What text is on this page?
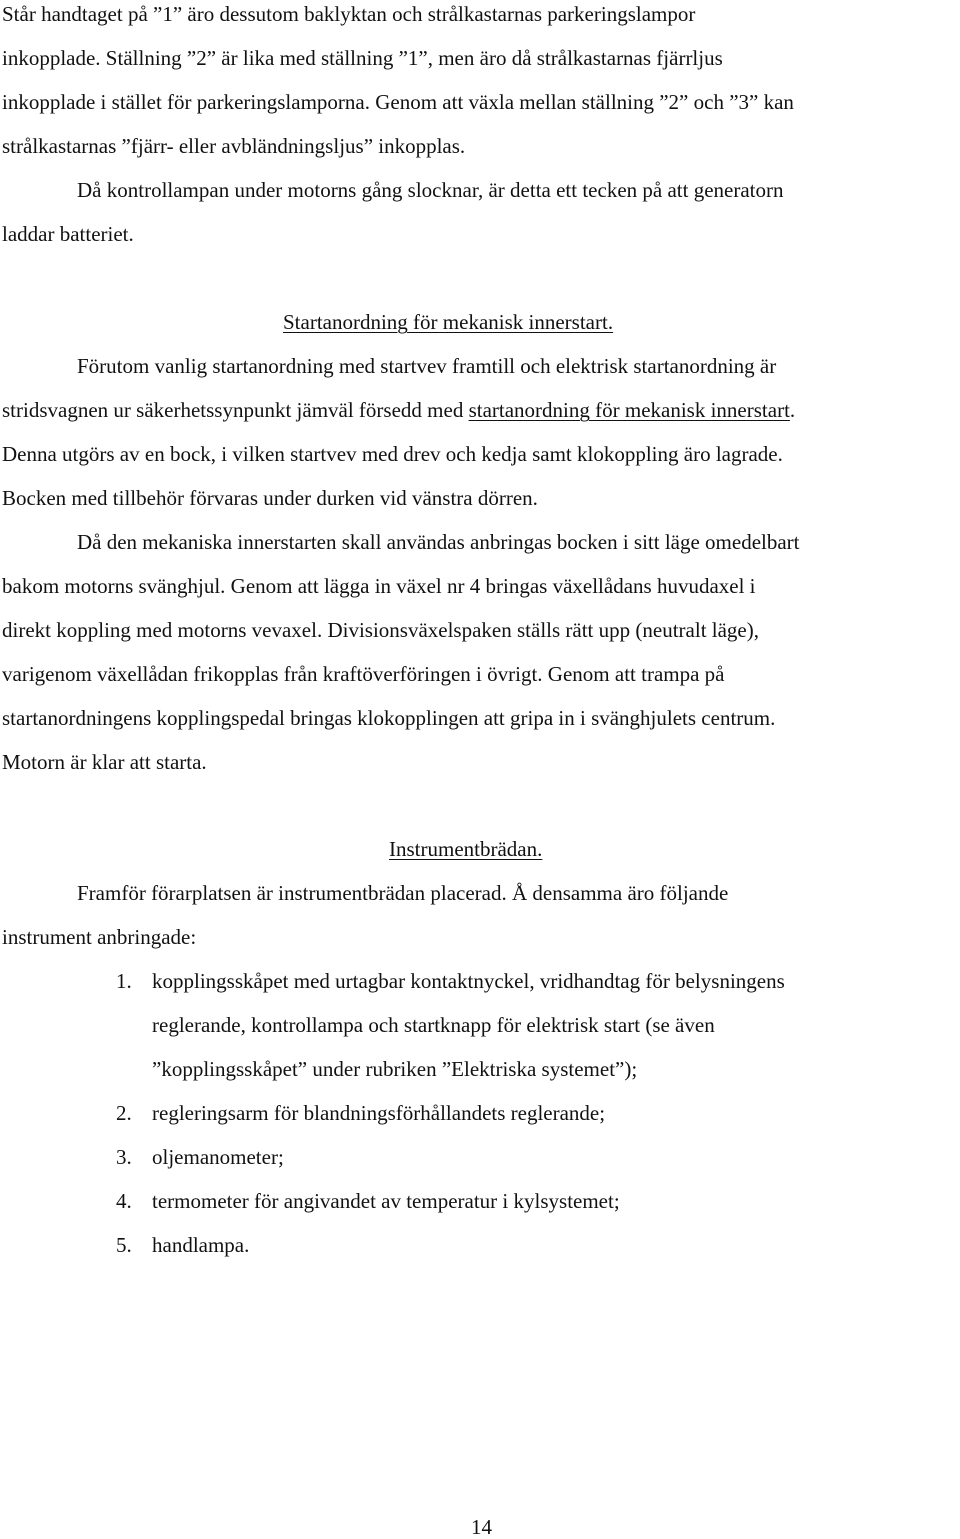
Står handtaget på ”1” äro dessutom baklyktan och strålkastarnas parkeringslampor
inkopplade. Ställning ”2” är lika med ställning ”1”, men äro då strålkastarnas fjärrljus
inkopplade i stället för parkeringslamporna. Genom att växla mellan ställning ”2” och ”3” kan
strålkastarnas ”fjärr- eller avbländningsljus” inkopplas.
Då kontrollampan under motorns gång slocknar, är detta ett tecken på att generatorn
laddar batteriet.
Startanordning för mekanisk innerstart.
Förutom vanlig startanordning med startvev framtill och elektrisk startanordning är
stridsvagnen ur säkerhetssynpunkt jämväl försedd med startanordning för mekanisk innerstart.
Denna utgörs av en bock, i vilken startvev med drev och kedja samt klokoppling äro lagrade.
Bocken med tillbehör förvaras under durken vid vänstra dörren.
Då den mekaniska innerstarten skall användas anbringas bocken i sitt läge omedelbart
bakom motorns svänghjul. Genom att lägga in växel nr 4 bringas växellådans huvudaxel i
direkt koppling med motorns vevaxel. Divisionsväxelspaken ställs rätt upp (neutralt läge),
varigenom växellådan frikopplas från kraftöverföringen i övrigt. Genom att trampa på
startanordningens kopplingspedal bringas klokopplingen att gripa in i svänghjulets centrum.
Motorn är klar att starta.
Instrumentbrädan.
Framför förarplatsen är instrumentbrädan placerad. Å densamma äro följande
instrument anbringade:
1. kopplingsskåpet med urtagbar kontaktnyckel, vridhandtag för belysningens
reglerande, kontrollampa och startknapp för elektrisk start (se även
”kopplingsskåpet” under rubriken ”Elektriska systemet”);
2. regleringsarm för blandningsförhållandets reglerande;
3. oljemanometer;
4. termometer för angivandet av temperatur i kylsystemet;
5. handlampa.
14
